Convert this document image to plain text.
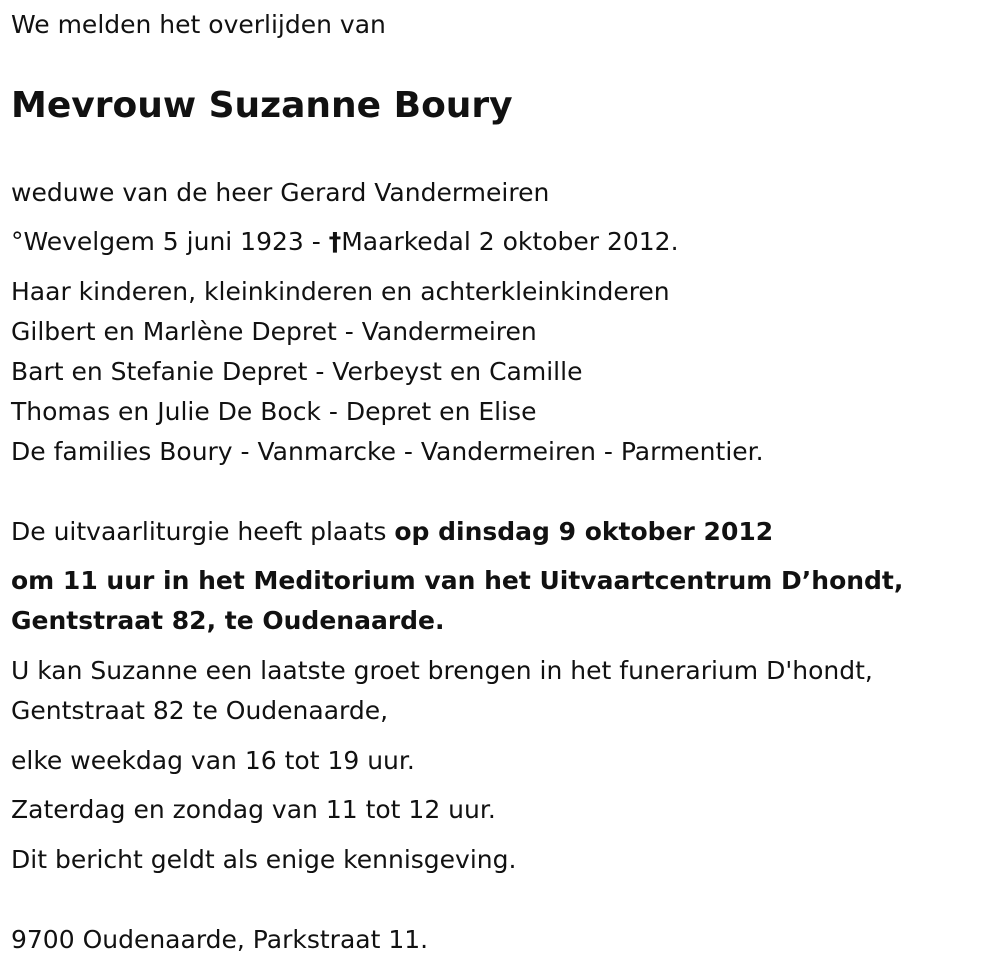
We melden het overlijden van
Mevrouw Suzanne Boury
weduwe van de heer Gerard Vandermeiren
°Wevelgem 5 juni 1923 - †Maarkedal 2 oktober 2012.
Haar kinderen, kleinkinderen en achterkleinkinderen
Gilbert en Marlène Depret - Vandermeiren
Bart en Stefanie Depret - Verbeyst en Camille
Thomas en Julie De Bock - Depret en Elise
De families Boury - Vanmarcke - Vandermeiren - Parmentier.
De uitvaarliturgie heeft plaats op dinsdag 9 oktober 2012
om 11 uur in het Meditorium van het Uitvaartcentrum D’hondt,
Gentstraat 82, te Oudenaarde.
U kan Suzanne een laatste groet brengen in het funerarium D'hondt,
Gentstraat 82 te Oudenaarde,
elke weekdag van 16 tot 19 uur.
Zaterdag en zondag van 11 tot 12 uur.
Dit bericht geldt als enige kennisgeving.
9700 Oudenaarde, Parkstraat 11.
